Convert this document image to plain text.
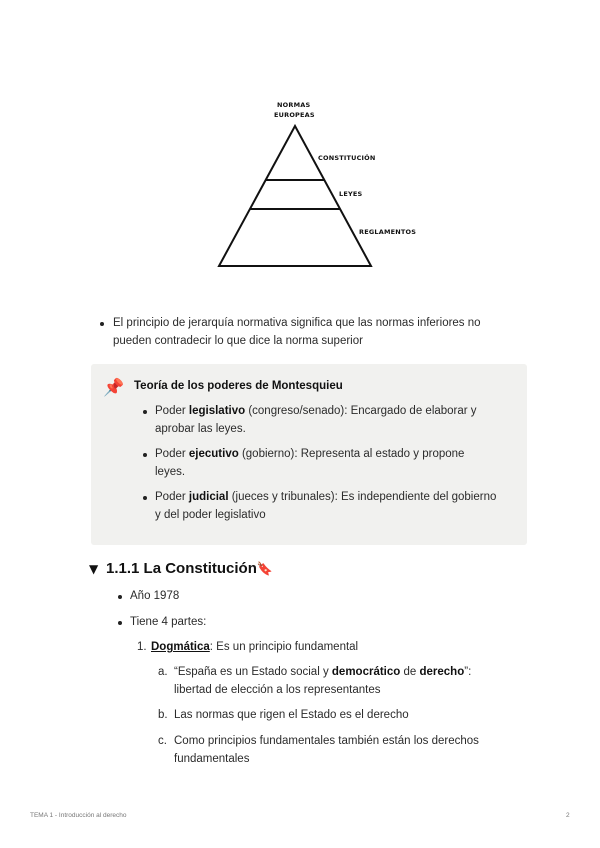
NORMAS
EUROPEAS
CONSTITUCIÓN
LEYES
REGLAMENTOS
El principio de jerarquía normativa significa que las normas inferiores no
pueden contradecir lo que dice la norma superior
📌 Teoría de los poderes de Montesquieu
Poder legislativo (congreso/senado): Encargado de elaborar y
aprobar las leyes.
Poder ejecutivo (gobierno): Representa al estado y propone
leyes.
Poder judicial (jueces y tribunales): Es independiente del gobierno
y del poder legislativo
▼ 1.1.1 La Constitución🔖
Año 1978
Tiene 4 partes:
1. Dogmática: Es un principio fundamental
a. “España es un Estado social y democrático de derecho”:
libertad de elección a los representantes
b. Las normas que rigen el Estado es el derecho
c. Como principios fundamentales también están los derechos
fundamentales
TEMA 1 - Introducción al derecho	2
